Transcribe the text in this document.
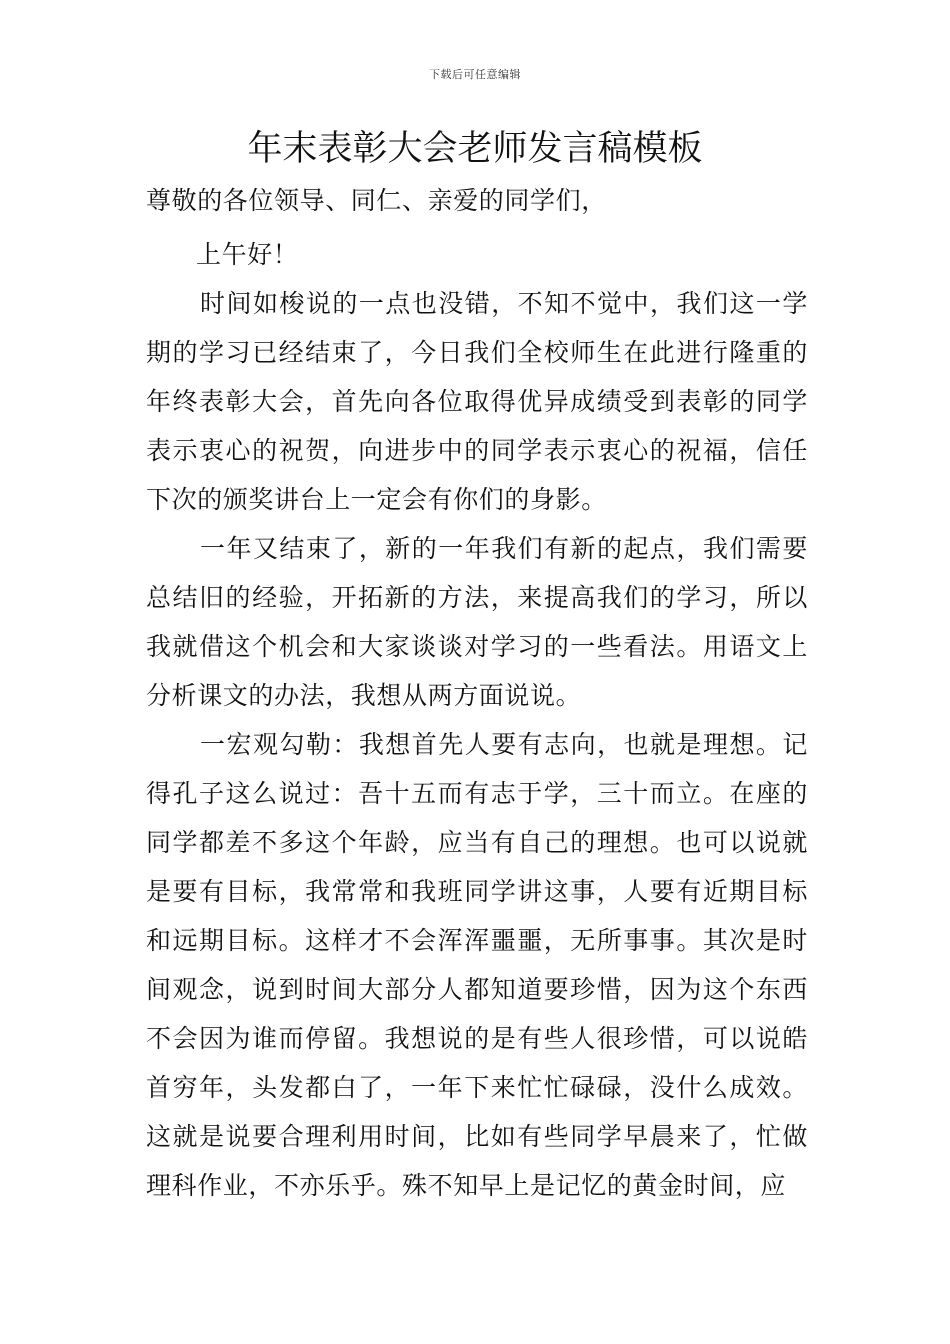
下载后可任意编辑
年末表彰大会老师发言稿模板

尊敬的各位领导、同仁、亲爱的同学们，

上午好！

时间如梭说的一点也没错，不知不觉中，我们这一学期的学习已经结束了，今日我们全校师生在此进行隆重的年终表彰大会，首先向各位取得优异成绩受到表彰的同学表示衷心的祝贺，向进步中的同学表示衷心的祝福，信任下次的颁奖讲台上一定会有你们的身影。

一年又结束了，新的一年我们有新的起点，我们需要总结旧的经验，开拓新的方法，来提高我们的学习，所以我就借这个机会和大家谈谈对学习的一些看法。用语文上分析课文的办法，我想从两方面说说。

一宏观勾勒：我想首先人要有志向，也就是理想。记得孔子这么说过：吾十五而有志于学，三十而立。在座的同学都差不多这个年龄，应当有自己的理想。也可以说就是要有目标，我常常和我班同学讲这事，人要有近期目标和远期目标。这样才不会浑浑噩噩，无所事事。其次是时间观念，说到时间大部分人都知道要珍惜，因为这个东西不会因为谁而停留。我想说的是有些人很珍惜，可以说皓首穷年，头发都白了，一年下来忙忙碌碌，没什么成效。这就是说要合理利用时间，比如有些同学早晨来了，忙做理科作业，不亦乐乎。殊不知早上是记忆的黄金时间，应
